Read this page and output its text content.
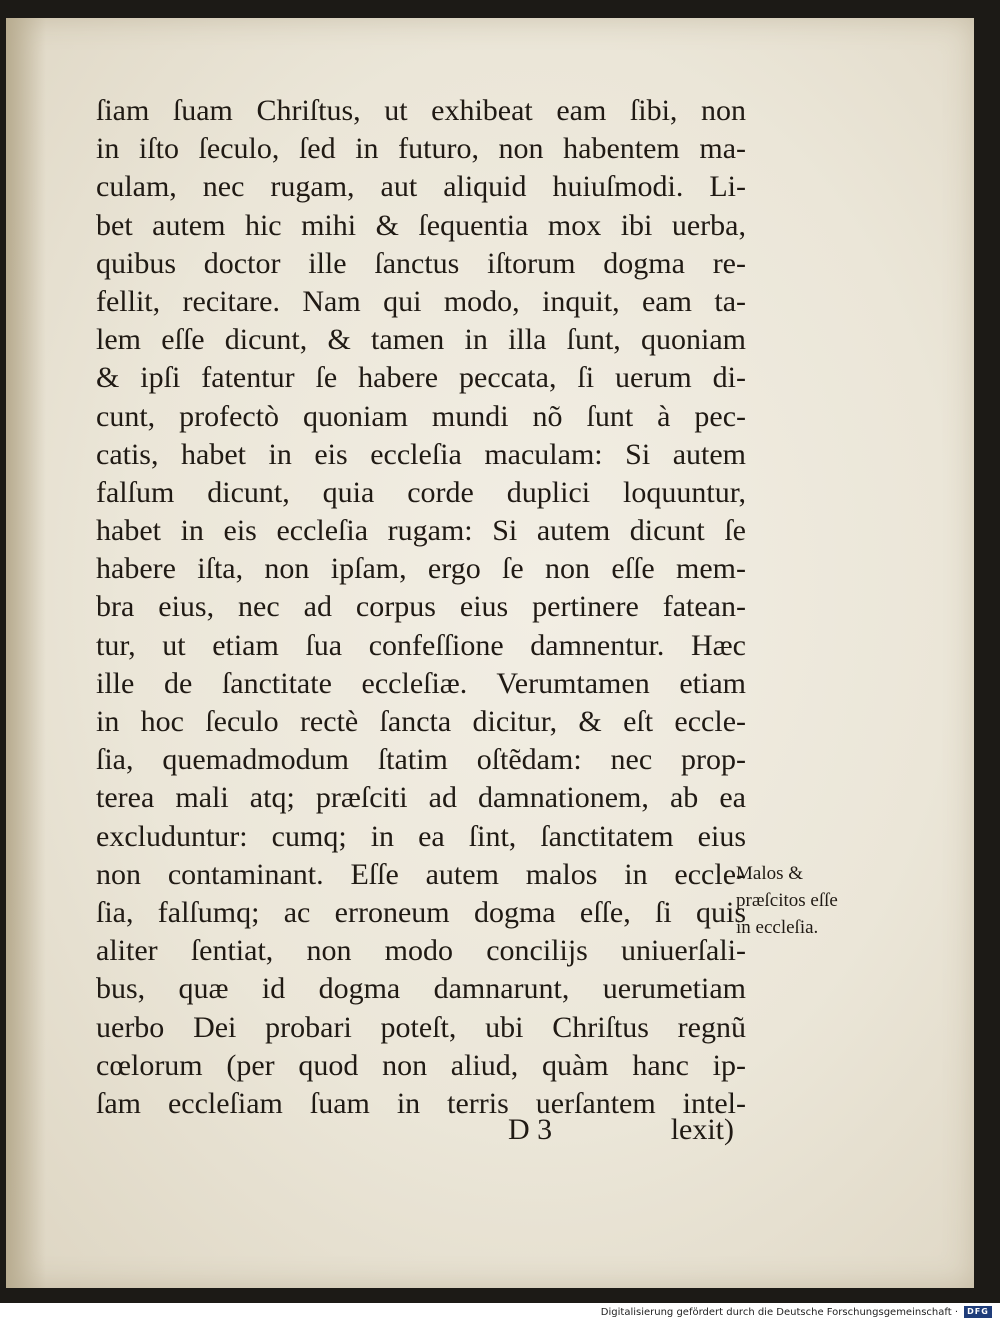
ſiam ſuam Chriſtus, ut exhibeat eam ſibi, non
in iſto ſeculo, ſed in futuro, non habentem ma-
culam, nec rugam, aut aliquid huiuſmodi. Li-
bet autem hic mihi & ſequentia mox ibi uerba,
quibus doctor ille ſanctus iſtorum dogma re-
fellit, recitare. Nam qui modo, inquit, eam ta-
lem eſſe dicunt, & tamen in illa ſunt, quoniam
& ipſi fatentur ſe habere peccata, ſi uerum di-
cunt, profectò quoniam mundi nõ ſunt à pec-
catis, habet in eis eccleſia maculam: Si autem
falſum dicunt, quia corde duplici loquuntur,
habet in eis eccleſia rugam: Si autem dicunt ſe
habere iſta, non ipſam, ergo ſe non eſſe mem-
bra eius, nec ad corpus eius pertinere fatean-
tur, ut etiam ſua confeſſione damnentur. Hæc
ille de ſanctitate eccleſiæ. Verumtamen etiam
in hoc ſeculo rectè ſancta dicitur, & eſt eccle-
ſia, quemadmodum ſtatim oſtẽdam: nec prop-
terea mali atq; præſciti ad damnationem, ab ea
excluduntur: cumq; in ea ſint, ſanctitatem eius
non contaminant. Eſſe autem malos in eccle-
ſia, falſumq; ac erroneum dogma eſſe, ſi quis
aliter ſentiat, non modo concilijs uniuerſali-
bus, quæ id dogma damnarunt, uerumetiam
uerbo Dei probari poteſt, ubi Chriſtus regnũ
cœlorum (per quod non aliud, quàm hanc ip-
ſam eccleſiam ſuam in terris uerſantem intel-
D 3	lexit)
Malos &
præſcitos eſſe
in eccleſia.
Digitalisierung gefördert durch die Deutsche Forschungsgemeinschaft ·	DFG
